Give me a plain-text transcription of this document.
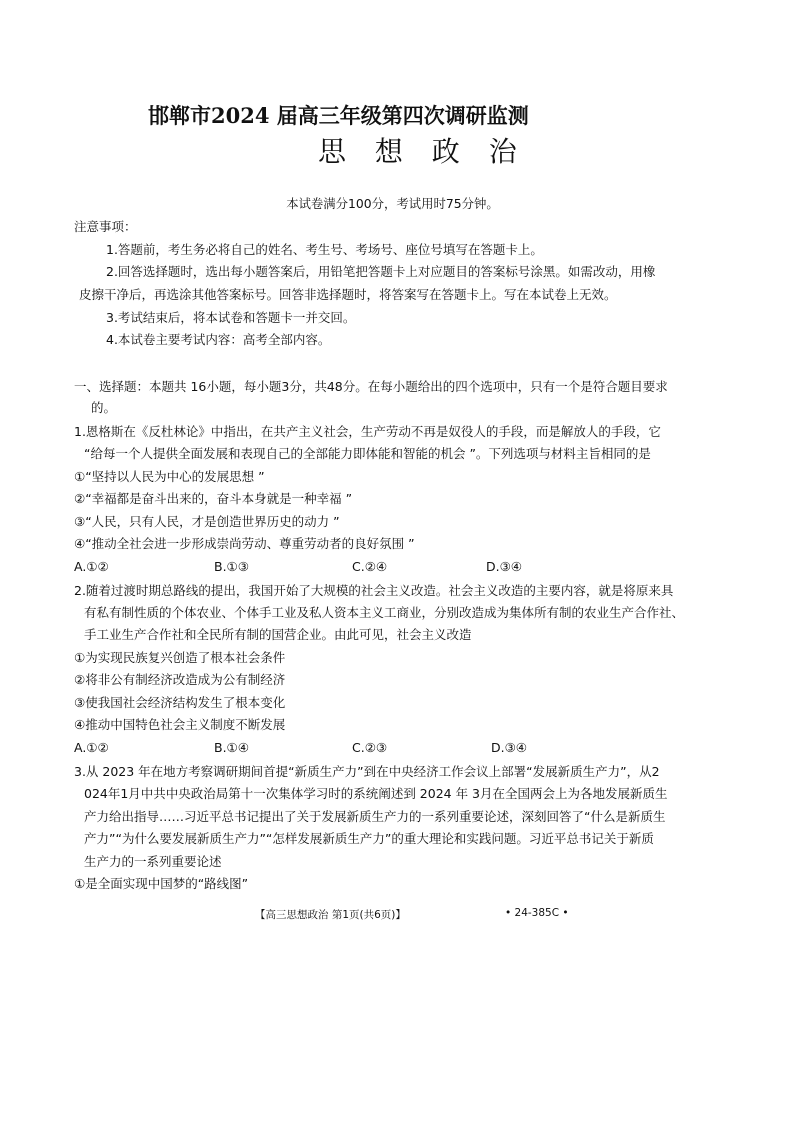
邯郸市2024 届高三年级第四次调研监测
思 想 政 治
本试卷满分100分，考试用时75分钟。
注意事项：
1.答题前，考生务必将自己的姓名、考生号、考场号、座位号填写在答题卡上。
2.回答选择题时，选出每小题答案后，用铅笔把答题卡上对应题目的答案标号涂黑。如需改动，用橡
皮擦干净后，再选涂其他答案标号。回答非选择题时，将答案写在答题卡上。写在本试卷上无效。
3.考试结束后，将本试卷和答题卡一并交回。
4.本试卷主要考试内容：高考全部内容。
一、选择题：本题共 16小题，每小题3分，共48分。在每小题给出的四个选项中，只有一个是符合题目要求
的。
1.恩格斯在《反杜林论》中指出，在共产主义社会，生产劳动不再是奴役人的手段，而是解放人的手段，它
“给每一个人提供全面发展和表现自己的全部能力即体能和智能的机会 ”。下列选项与材料主旨相同的是
①“坚持以人民为中心的发展思想 ”
②“幸福都是奋斗出来的，奋斗本身就是一种幸福 ”
③“人民，只有人民，才是创造世界历史的动力 ”
④“推动全社会进一步形成崇尚劳动、尊重劳动者的良好氛围 ”
A.①②	B.①③	C.②④	D.③④
2.随着过渡时期总路线的提出，我国开始了大规模的社会主义改造。社会主义改造的主要内容，就是将原来具
有私有制性质的个体农业、个体手工业及私人资本主义工商业，分别改造成为集体所有制的农业生产合作社、
手工业生产合作社和全民所有制的国营企业。由此可见，社会主义改造
①为实现民族复兴创造了根本社会条件
②将非公有制经济改造成为公有制经济
③使我国社会经济结构发生了根本变化
④推动中国特色社会主义制度不断发展
A.①②	B.①④	C.②③	D.③④
3.从 2023 年在地方考察调研期间首提“新质生产力”到在中央经济工作会议上部署“发展新质生产力”，从2
024年1月中共中央政治局第十一次集体学习时的系统阐述到 2024 年 3月在全国两会上为各地发展新质生
产力给出指导……习近平总书记提出了关于发展新质生产力的一系列重要论述，深刻回答了“什么是新质生
产力”“为什么要发展新质生产力”“怎样发展新质生产力”的重大理论和实践问题。习近平总书记关于新质
生产力的一系列重要论述
①是全面实现中国梦的“路线图”
【高三思想政治 第1页(共6页)】	• 24-385C •
